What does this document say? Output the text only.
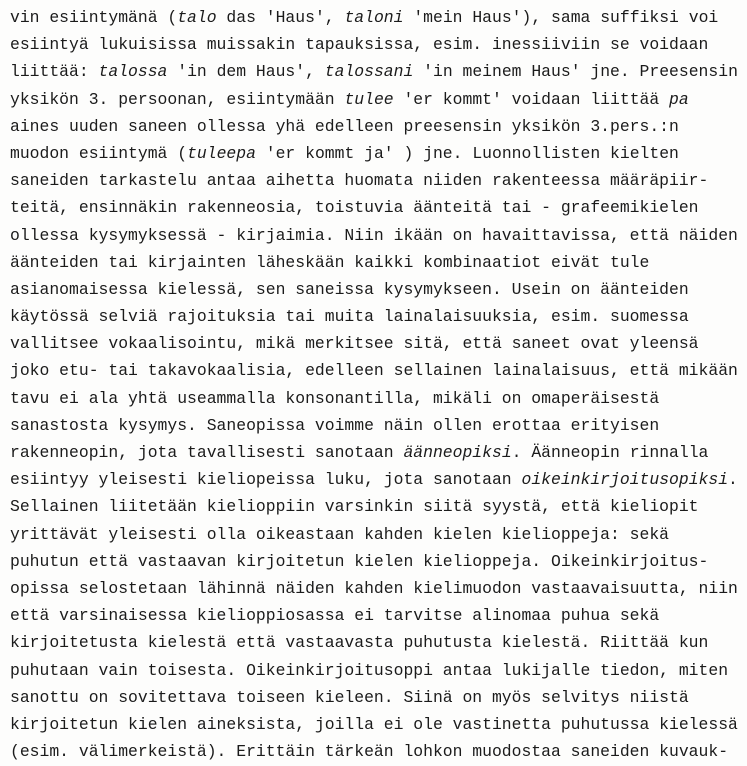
vin esiintymänä (talo das 'Haus', taloni 'mein Haus'), sama suffiksi voi
esiintyä lukuisissa muissakin tapauksissa, esim. inessiiviin se voidaan
liittää: talossa 'in dem Haus', talossani 'in meinem Haus' jne. Preesensin
yksikön 3. persoonan, esiintymään tulee 'er kommt' voidaan liittää pa
aines uuden saneen ollessa yhä edelleen preesensin yksikön 3.pers.:n
muodon esiintymä (tuleepa 'er kommt ja' ) jne. Luonnollisten kielten
saneiden tarkastelu antaa aihetta huomata niiden rakenteessa määräpiir-
teitä, ensinnäkin rakenneosia, toistuvia äänteitä tai - grafeemikielen
ollessa kysymyksessä - kirjaimia. Niin ikään on havaittavissa, että näiden
äänteiden tai kirjainten läheskään kaikki kombinaatiot eivät tule
asianomaisessa kielessä, sen saneissa kysymykseen. Usein on äänteiden
käytössä selviä rajoituksia tai muita lainalaisuuksia, esim. suomessa
vallitsee vokaalisointu, mikä merkitsee sitä, että saneet ovat yleensä
joko etu- tai takavokaalisia, edelleen sellainen lainalaisuus, että mikään
tavu ei ala yhtä useammalla konsonantilla, mikäli on omaperäisestä
sanastosta kysymys. Saneopissa voimme näin ollen erottaa erityisen
rakenneopin, jota tavallisesti sanotaan äänneopiksi. Äänneopin rinnalla
esiintyy yleisesti kieliopeissa luku, jota sanotaan oikeinkirjoitusopiksi.
Sellainen liitetään kielioppiin varsinkin siitä syystä, että kieliopit
yrittävät yleisesti olla oikeastaan kahden kielen kielioppeja: sekä
puhutun että vastaavan kirjoitetun kielen kielioppeja. Oikeinkirjoitus-
opissa selostetaan lähinnä näiden kahden kielimuodon vastaavaisuutta, niin
että varsinaisessa kielioppiosassa ei tarvitse alinomaa puhua sekä
kirjoitetusta kielestä että vastaavasta puhutusta kielestä. Riittää kun
puhutaan vain toisesta. Oikeinkirjoitusoppi antaa lukijalle tiedon, miten
sanottu on sovitettava toiseen kieleen. Siinä on myös selvitys niistä
kirjoitetun kielen aineksista, joilla ei ole vastinetta puhutussa kielessä
(esim. välimerkeistä). Erittäin tärkeän lohkon muodostaa saneiden kuvauk-
